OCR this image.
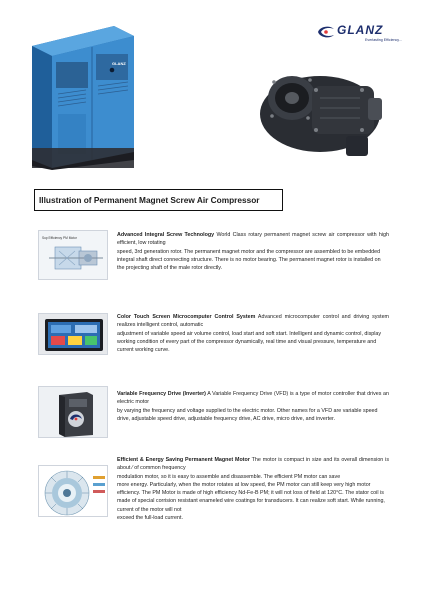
GLANZ
GLANZ
Everlasting Efficiency...
Illustration of Permanent Magnet Screw Air Compressor
Sup Efficiency PM Motor	Advanced Integral Screw Technology World Class rotary permanent magnet screw air compressor with high efficient, low rotating
speed, 3rd generation rotor. The permanent magnet motor and the compressor are assembled to be embedded integral shaft direct connecting structure. There is no motor bearing. The permanent magnet rotor is installed on the projecting shaft of the male rotor directly.
Color Touch Screen Microcomputer Control System Advanced microcomputer control and driving system realizes intelligent control, automatic
adjustment of variable speed air volume control, load start and soft start. Intelligent and dynamic control, display working condition of every part of the compressor dynamically, real time and visual pressure, temperature and current working curve.
Variable Frequency Drive (Inverter) A Variable Frequency Drive (VFD) is a type of motor controller that drives an electric motor
by varying the frequency and voltage supplied to the electric motor. Other names for a VFD are variable speed drive, adjustable speed drive, adjustable frequency drive, AC drive, micro drive, and inverter.
Efficient & Energy Saving Permanent Magnet Motor The motor is compact in size and its overall dimension is about ⁄ of common frequency
modulation motor, so it is easy to assemble and disassemble. The efficient PM motor can save
more energy. Particularly, when the motor rotates at low speed, the PM motor can still keep very high motor efficiency. The PM Motor is made of high efficiency Nd-Fe-B PM; it will not loss of field at 120°C. The stator coil is made of special corrision resistant enameled wire coatings for transducers. It can realize soft start. While running, current of the motor will not
exceed the full-load current.
